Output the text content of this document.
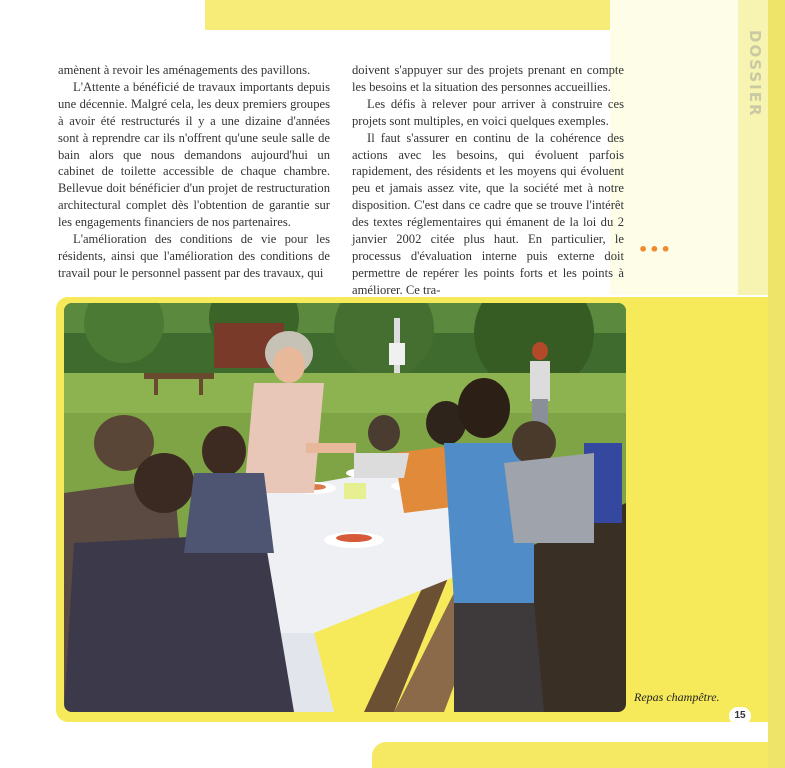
DOSSIER

amènent à revoir les aménagements des pavillons.

L'Attente a bénéficié de travaux importants depuis une décennie. Malgré cela, les deux premiers groupes à avoir été restructurés il y a une dizaine d'années sont à reprendre car ils n'offrent qu'une seule salle de bain alors que nous demandons aujourd'hui un cabinet de toilette accessible de chaque chambre. Bellevue doit bénéficier d'un projet de restructuration architectural complet dès l'obtention de garantie sur les engagements financiers de nos partenaires.

L'amélioration des conditions de vie pour les résidents, ainsi que l'amélioration des conditions de travail pour le personnel passent par des travaux, qui

doivent s'appuyer sur des projets prenant en compte les besoins et la situation des personnes accueillies.

Les défis à relever pour arriver à construire ces projets sont multiples, en voici quelques exemples.

Il faut s'assurer en continu de la cohérence des actions avec les besoins, qui évoluent parfois rapidement, des résidents et les moyens qui évoluent peu et jamais assez vite, que la société met à notre disposition. C'est dans ce cadre que se trouve l'intérêt des textes réglementaires qui émanent de la loi du 2 janvier 2002 citée plus haut. En particulier, le processus d'évaluation interne puis externe doit permettre de repérer les points forts et les points à améliorer. Ce tra-

•••
Repas champêtre.
15
